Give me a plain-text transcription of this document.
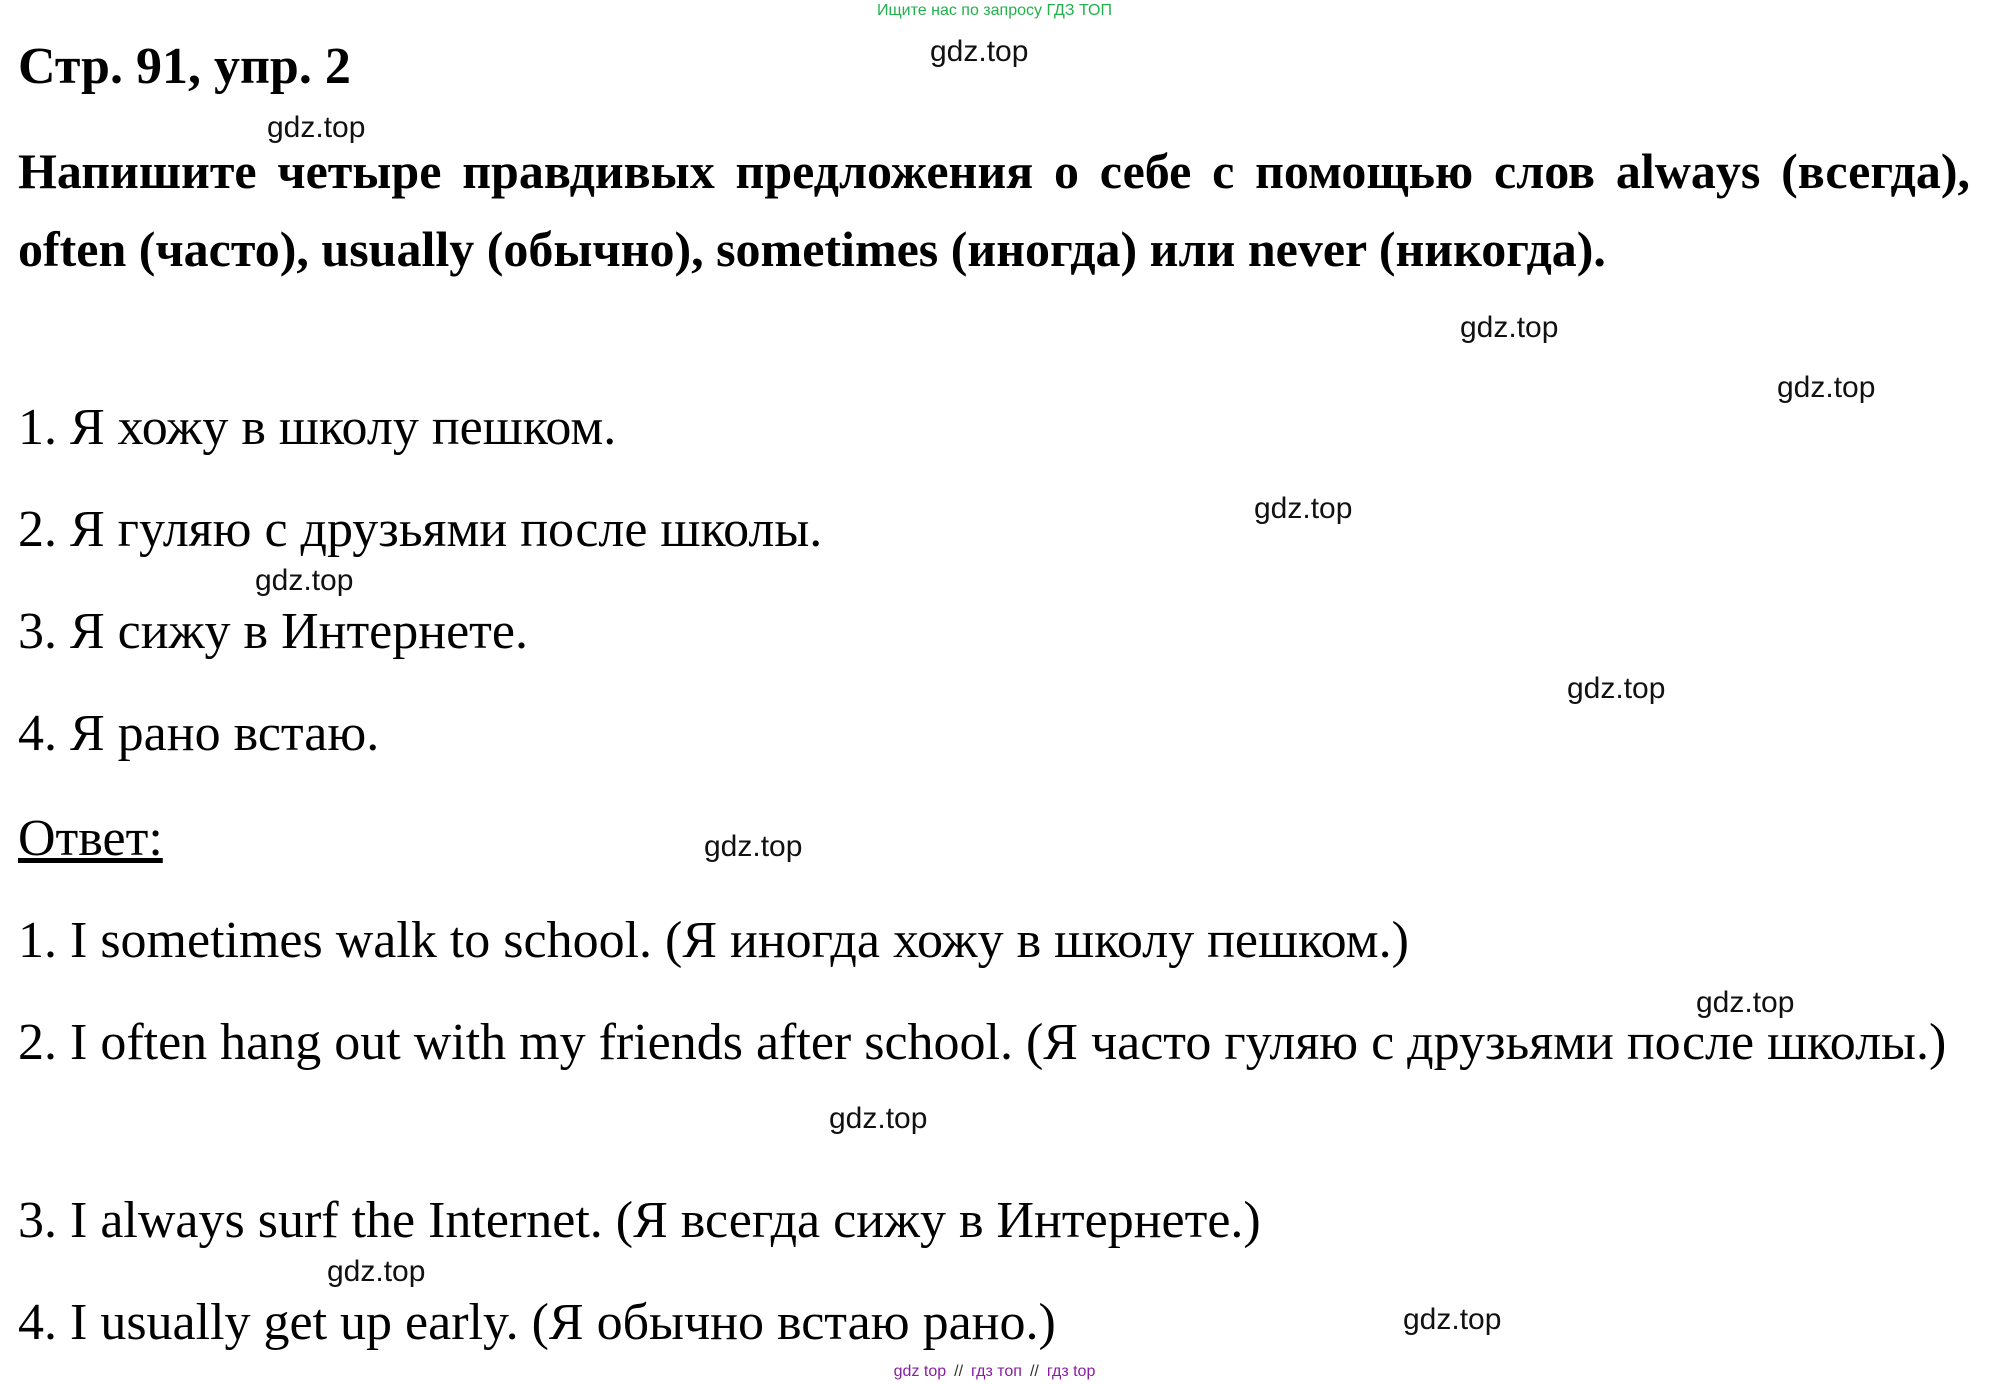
Ищите нас по запросу ГДЗ ТОП
Стр. 91, упр. 2
Напишите четыре правдивых предложения о себе с помощью слов always (всегда), often (часто), usually (обычно), sometimes (иногда) или never (никогда).
1. Я хожу в школу пешком.
2. Я гуляю с друзьями после школы.
3. Я сижу в Интернете.
4. Я рано встаю.
Ответ:
1. I sometimes walk to school. (Я иногда хожу в школу пешком.)
2. I often hang out with my friends after school. (Я часто гуляю с друзьями после школы.)
3. I always surf the Internet. (Я всегда сижу в Интернете.)
4. I usually get up early. (Я обычно встаю рано.)
gdz.top
gdz.top
gdz.top
gdz.top
gdz.top
gdz.top
gdz.top
gdz.top
gdz.top
gdz.top
gdz.top
gdz.top
gdz top // гдз топ // гдз top
